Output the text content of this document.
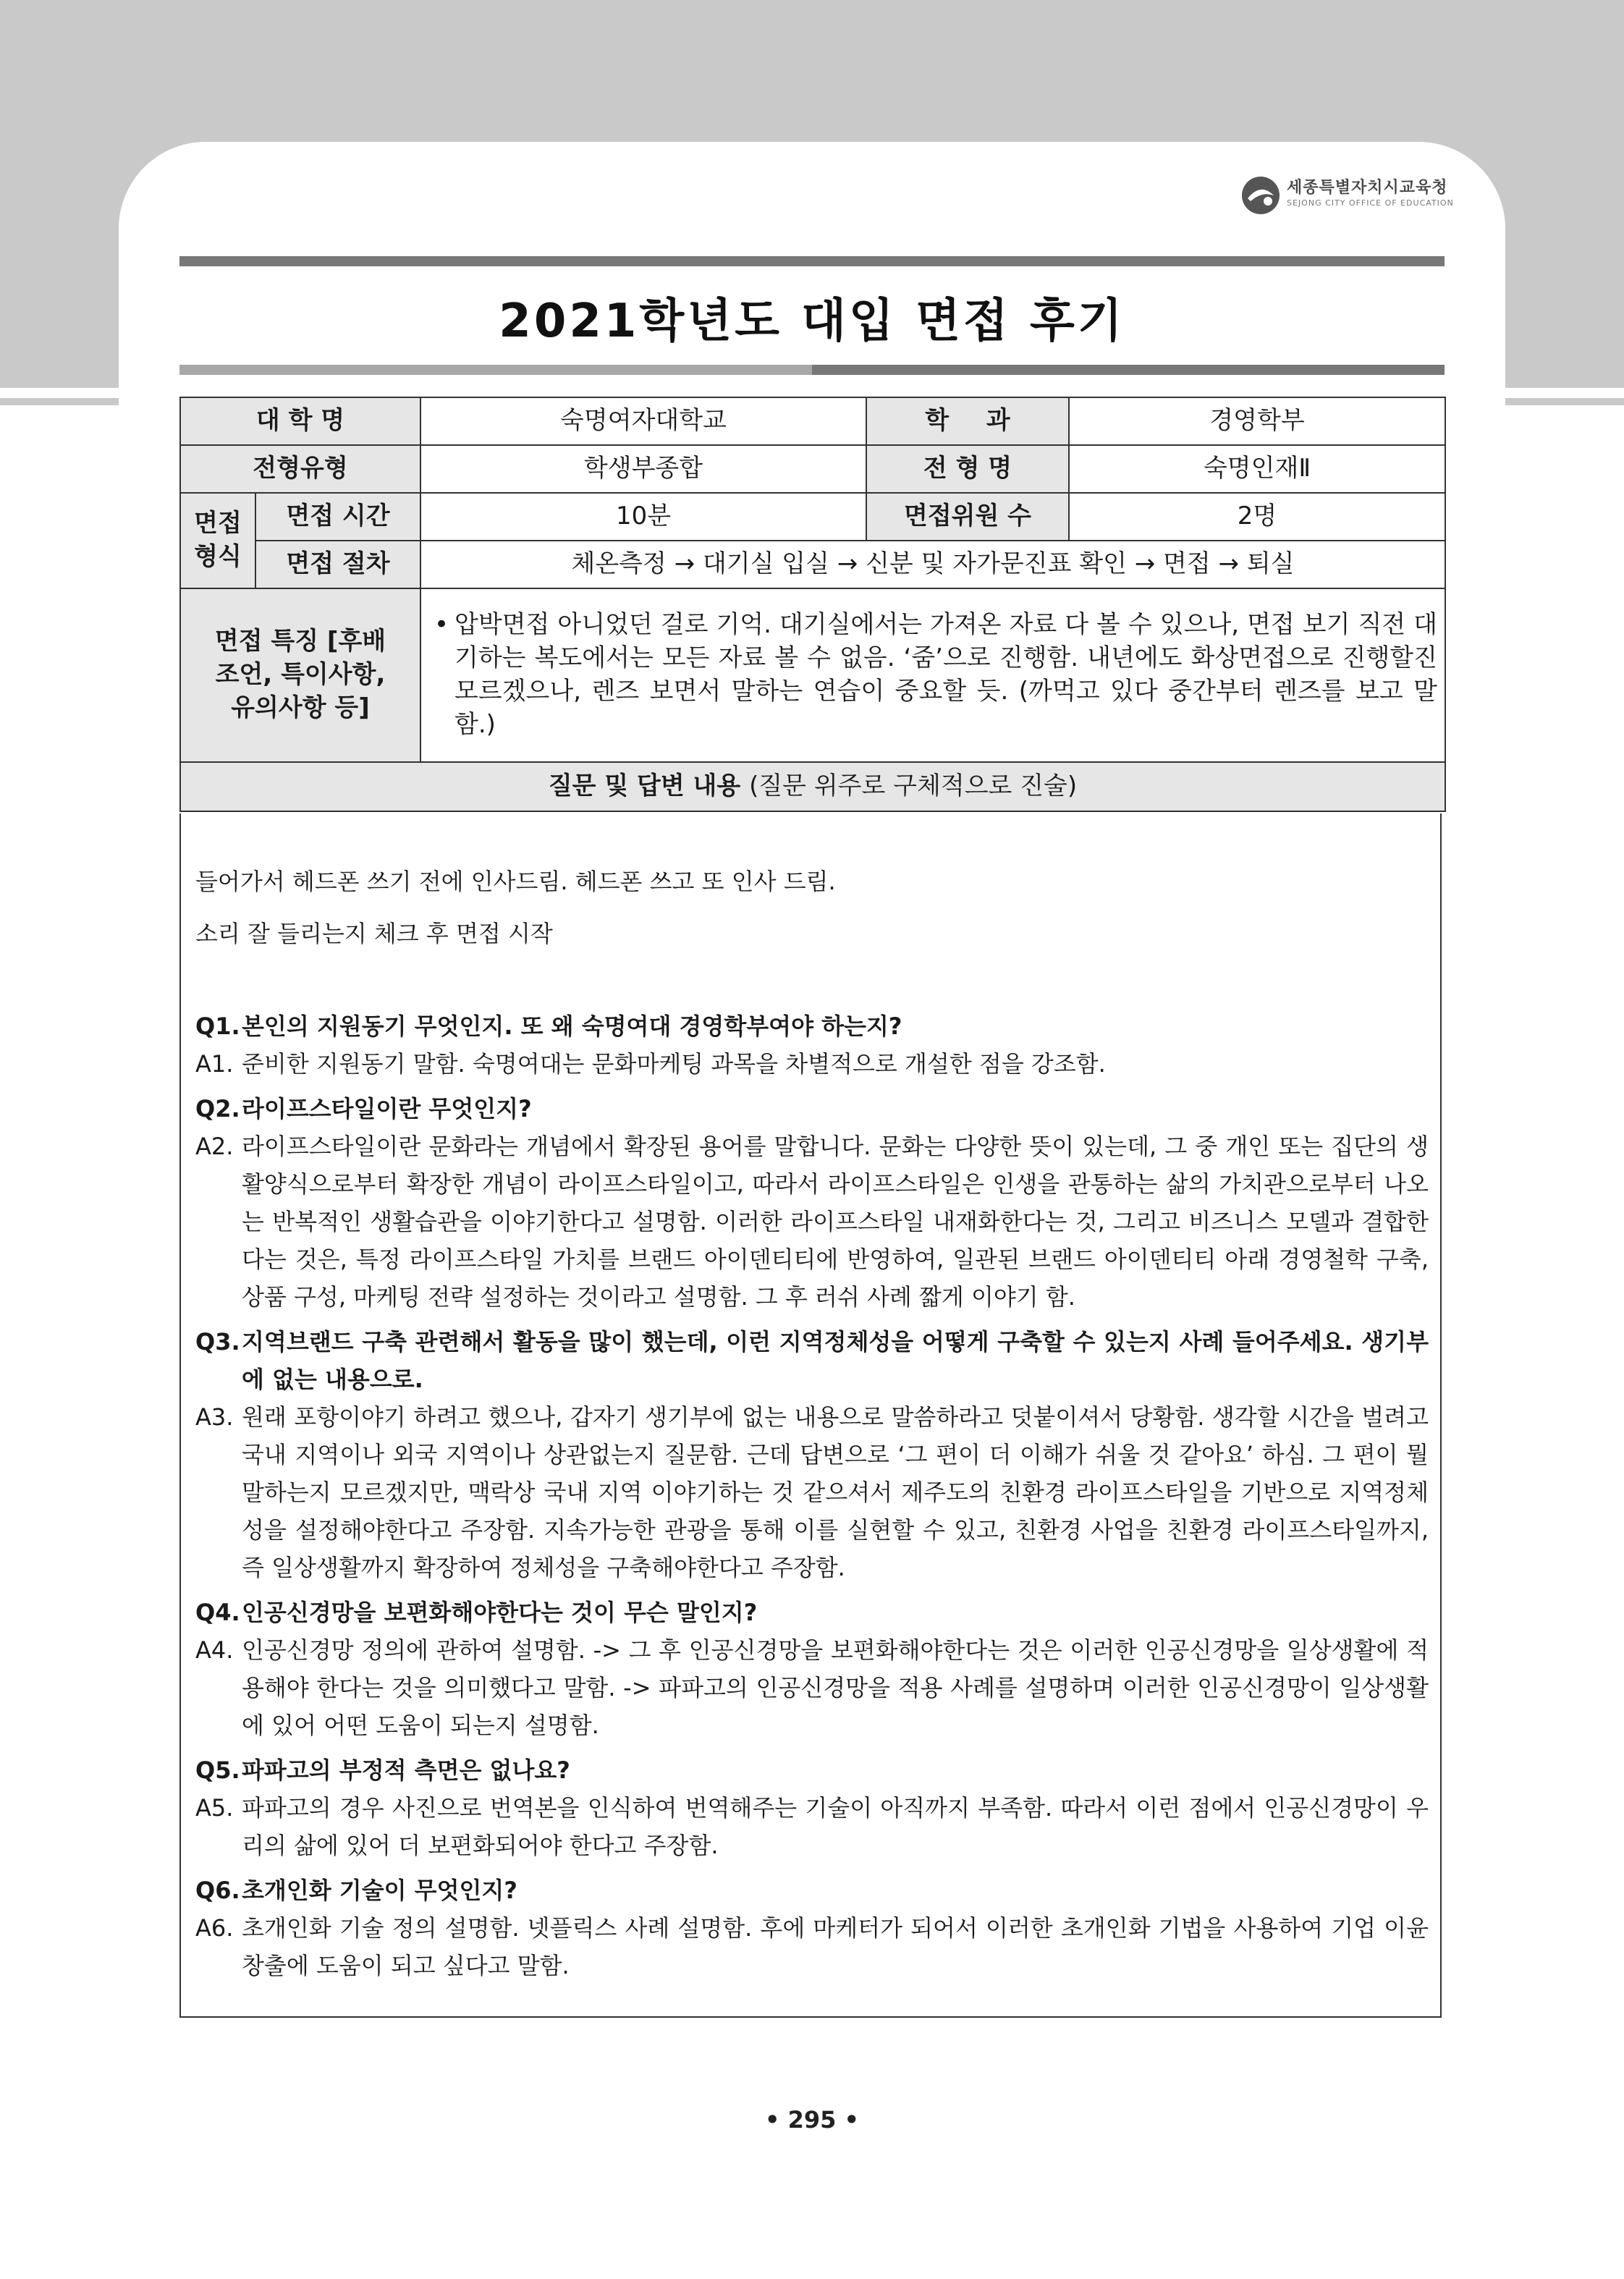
세종특별자치시교육청
SEJONG CITY OFFICE OF EDUCATION
2021학년도 대입 면접 후기
대 학 명		숙명여자대학교	학 과	경영학부
전형유형		학생부종합	전 형 명	숙명인재Ⅱ
면접 형식	면접 시간	10분	면접위원 수	2명
	면접 절차	체온측정 → 대기실 입실 → 신분 및 자가문진표 확인 → 면접 → 퇴실		
면접 특징 [후배조언, 특이사항, 유의사항 등]		• 압박면접 아니었던 걸로 기억. 대기실에서는 가져온 자료 다 볼 수 있으나, 면접 보기 직전 대기하는 복도에서는 모든 자료 볼 수 없음. ‘줌’으로 진행함. 내년에도 화상면접으로 진행할진 모르겠으나, 렌즈 보면서 말하는 연습이 중요할 듯. (까먹고 있다 중간부터 렌즈를 보고 말함.)		

질문 및 답변 내용 (질문 위주로 구체적으로 진술)				

들어가서 헤드폰 쓰기 전에 인사드림. 헤드폰 쓰고 또 인사 드림.

소리 잘 들리는지 체크 후 면접 시작

Q1. 본인의 지원동기 무엇인지. 또 왜 숙명여대 경영학부여야 하는지?
A1. 준비한 지원동기 말함. 숙명여대는 문화마케팅 과목을 차별적으로 개설한 점을 강조함.
Q2. 라이프스타일이란 무엇인지?
A2. 라이프스타일이란 문화라는 개념에서 확장된 용어를 말합니다. 문화는 다양한 뜻이 있는데, 그 중 개인 또는 집단의 생활양식으로부터 확장한 개념이 라이프스타일이고, 따라서 라이프스타일은 인생을 관통하는 삶의 가치관으로부터 나오는 반복적인 생활습관을 이야기한다고 설명함. 이러한 라이프스타일 내재화한다는 것, 그리고 비즈니스 모델과 결합한다는 것은, 특정 라이프스타일 가치를 브랜드 아이덴티티에 반영하여, 일관된 브랜드 아이덴티티 아래 경영철학 구축, 상품 구성, 마케팅 전략 설정하는 것이라고 설명함. 그 후 러쉬 사례 짧게 이야기 함.
Q3. 지역브랜드 구축 관련해서 활동을 많이 했는데, 이런 지역정체성을 어떻게 구축할 수 있는지 사례 들어주세요. 생기부에 없는 내용으로.
A3. 원래 포항이야기 하려고 했으나, 갑자기 생기부에 없는 내용으로 말씀하라고 덧붙이셔서 당황함. 생각할 시간을 벌려고 국내 지역이나 외국 지역이나 상관없는지 질문함. 근데 답변으로 ‘그 편이 더 이해가 쉬울 것 같아요’ 하심. 그 편이 뭘 말하는지 모르겠지만, 맥락상 국내 지역 이야기하는 것 같으셔서 제주도의 친환경 라이프스타일을 기반으로 지역정체성을 설정해야한다고 주장함. 지속가능한 관광을 통해 이를 실현할 수 있고, 친환경 사업을 친환경 라이프스타일까지, 즉 일상생활까지 확장하여 정체성을 구축해야한다고 주장함.
Q4. 인공신경망을 보편화해야한다는 것이 무슨 말인지?
A4. 인공신경망 정의에 관하여 설명함. -> 그 후 인공신경망을 보편화해야한다는 것은 이러한 인공신경망을 일상생활에 적용해야 한다는 것을 의미했다고 말함. -> 파파고의 인공신경망을 적용 사례를 설명하며 이러한 인공신경망이 일상생활에 있어 어떤 도움이 되는지 설명함.
Q5. 파파고의 부정적 측면은 없나요?
A5. 파파고의 경우 사진으로 번역본을 인식하여 번역해주는 기술이 아직까지 부족함. 따라서 이런 점에서 인공신경망이 우리의 삶에 있어 더 보편화되어야 한다고 주장함.
Q6. 초개인화 기술이 무엇인지?
A6. 초개인화 기술 정의 설명함. 넷플릭스 사례 설명함. 후에 마케터가 되어서 이러한 초개인화 기법을 사용하여 기업 이윤 창출에 도움이 되고 싶다고 말함.
• 295 •
